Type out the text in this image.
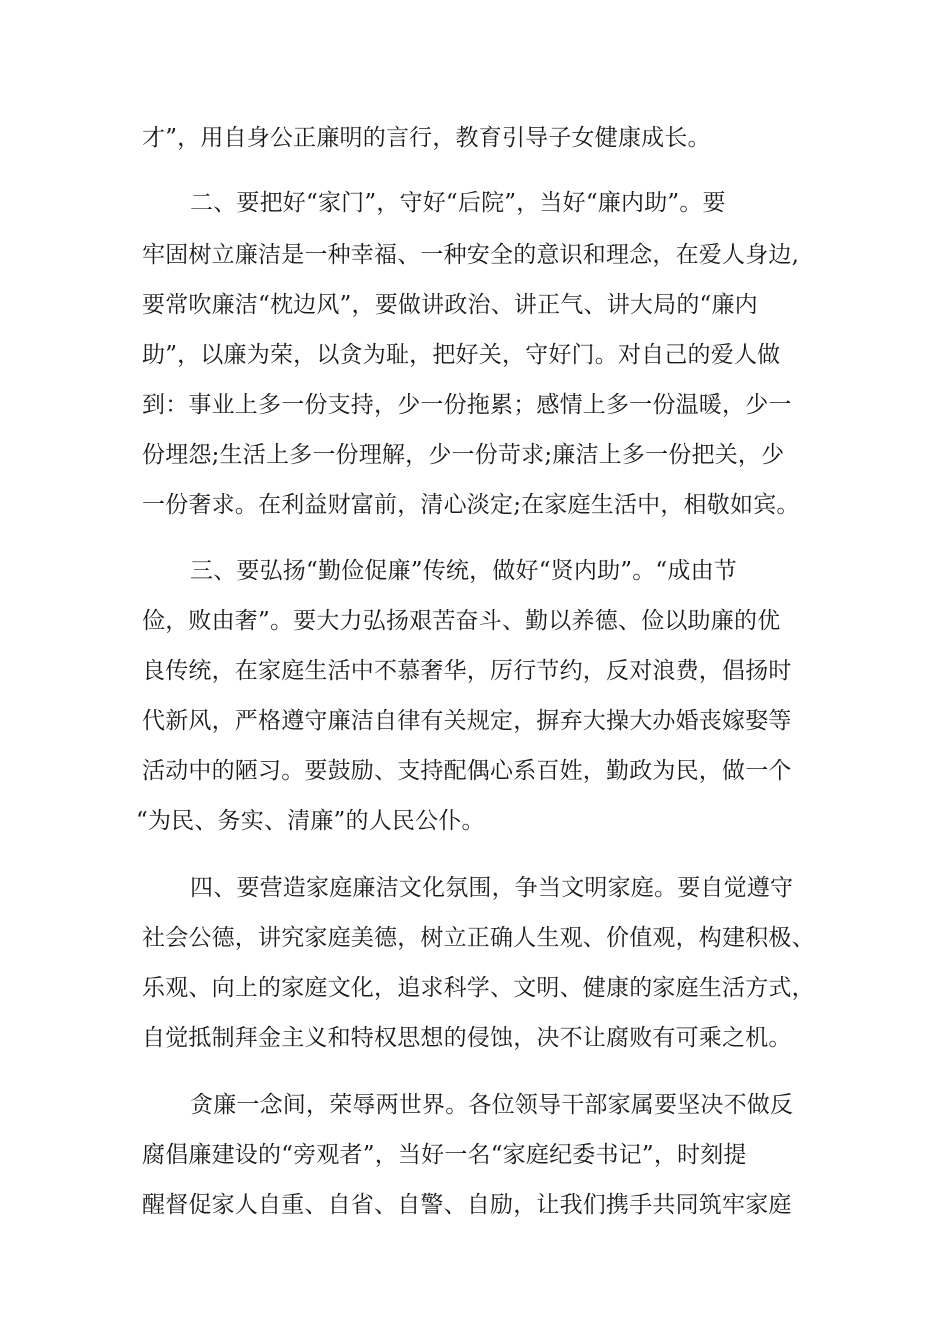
才”，用自身公正廉明的言行，教育引导子女健康成长。
二、要把好“家门”，守好“后院”，当好“廉内助”。要
牢固树立廉洁是一种幸福、一种安全的意识和理念，在爱人身边,
要常吹廉洁“枕边风”，要做讲政治、讲正气、讲大局的“廉内
助”，以廉为荣，以贪为耻，把好关，守好门。对自己的爱人做
到：事业上多一份支持，少一份拖累；感情上多一份温暖，少一
份埋怨;生活上多一份理解，少一份苛求;廉洁上多一份把关，少
一份奢求。在利益财富前，清心淡定;在家庭生活中，相敬如宾。
三、要弘扬“勤俭促廉”传统，做好“贤内助”。“成由节
俭，败由奢”。要大力弘扬艰苦奋斗、勤以养德、俭以助廉的优
良传统，在家庭生活中不慕奢华，厉行节约，反对浪费，倡扬时
代新风，严格遵守廉洁自律有关规定，摒弃大操大办婚丧嫁娶等
活动中的陋习。要鼓励、支持配偶心系百姓，勤政为民，做一个
“为民、务实、清廉”的人民公仆。
四、要营造家庭廉洁文化氛围，争当文明家庭。要自觉遵守
社会公德，讲究家庭美德，树立正确人生观、价值观，构建积极、
乐观、向上的家庭文化，追求科学、文明、健康的家庭生活方式，
自觉抵制拜金主义和特权思想的侵蚀，决不让腐败有可乘之机。
贪廉一念间，荣辱两世界。各位领导干部家属要坚决不做反
腐倡廉建设的“旁观者”，当好一名“家庭纪委书记”，时刻提
醒督促家人自重、自省、自警、自励，让我们携手共同筑牢家庭
